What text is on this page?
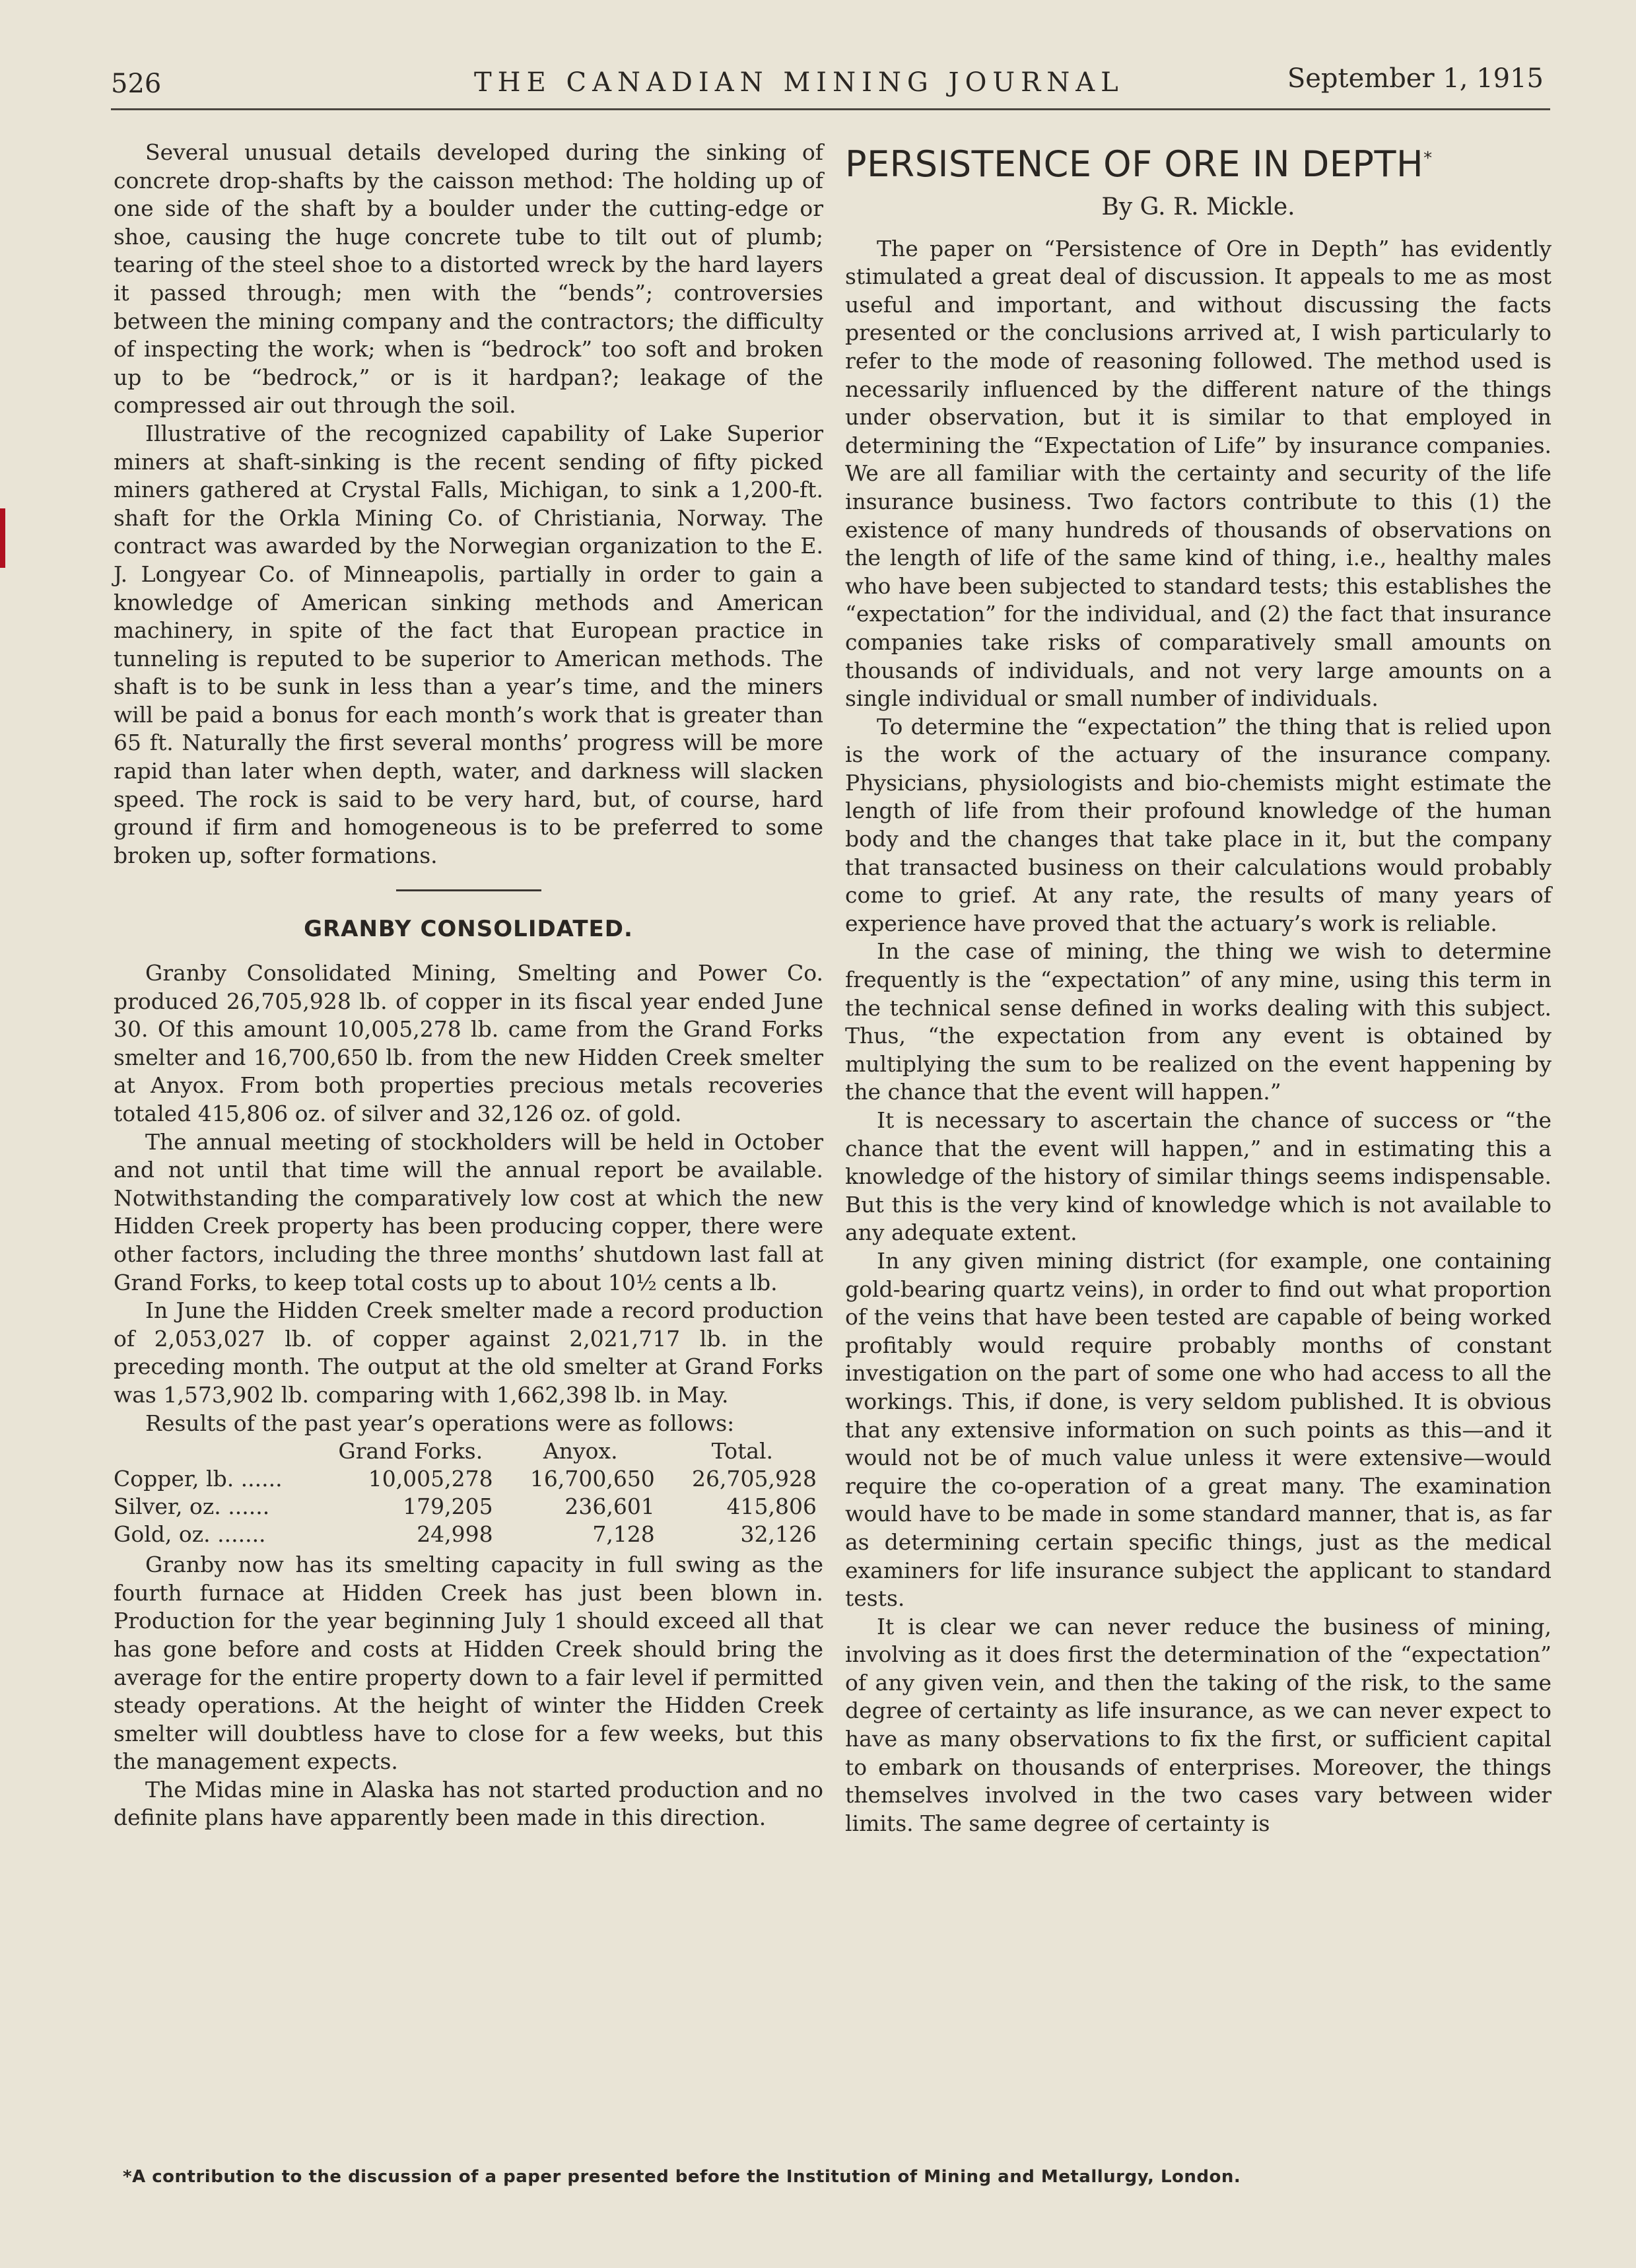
526	THE CANADIAN MINING JOURNAL	September 1, 1915

Several unusual details developed during the sinking of concrete drop-shafts by the caisson method: The holding up of one side of the shaft by a boulder under the cutting-edge or shoe, causing the huge concrete tube to tilt out of plumb; tearing of the steel shoe to a distorted wreck by the hard layers it passed through; men with the “bends”; controversies between the mining company and the contractors; the difficulty of inspecting the work; when is “bedrock” too soft and broken up to be “bedrock,” or is it hardpan?; leakage of the compressed air out through the soil.

Illustrative of the recognized capability of Lake Superior miners at shaft-sinking is the recent sending of fifty picked miners gathered at Crystal Falls, Michigan, to sink a 1,200-ft. shaft for the Orkla Mining Co. of Christiania, Norway. The contract was awarded by the Norwegian organization to the E. J. Longyear Co. of Minneapolis, partially in order to gain a knowledge of American sinking methods and American machinery, in spite of the fact that European practice in tunneling is reputed to be superior to American methods. The shaft is to be sunk in less than a year’s time, and the miners will be paid a bonus for each month’s work that is greater than 65 ft. Naturally the first several months’ progress will be more rapid than later when depth, water, and darkness will slacken speed. The rock is said to be very hard, but, of course, hard ground if firm and homogeneous is to be preferred to some broken up, softer formations.

GRANBY CONSOLIDATED.

Granby Consolidated Mining, Smelting and Power Co. produced 26,705,928 lb. of copper in its fiscal year ended June 30. Of this amount 10,005,278 lb. came from the Grand Forks smelter and 16,700,650 lb. from the new Hidden Creek smelter at Anyox. From both properties precious metals recoveries totaled 415,806 oz. of silver and 32,126 oz. of gold.

The annual meeting of stockholders will be held in October and not until that time will the annual report be available. Notwithstanding the comparatively low cost at which the new Hidden Creek property has been producing copper, there were other factors, including the three months’ shutdown last fall at Grand Forks, to keep total costs up to about 10½ cents a lb.

In June the Hidden Creek smelter made a record production of 2,053,027 lb. of copper against 2,021,717 lb. in the preceding month. The output at the old smelter at Grand Forks was 1,573,902 lb. comparing with 1,662,398 lb. in May.

Results of the past year’s operations were as follows:

	Grand Forks.	Anyox.	Total.
Copper, lb. ......	10,005,278	16,700,650	26,705,928
Silver, oz. ......	179,205	236,601	415,806
Gold, oz. .......	24,998	7,128	32,126

Granby now has its smelting capacity in full swing as the fourth furnace at Hidden Creek has just been blown in. Production for the year beginning July 1 should exceed all that has gone before and costs at Hidden Creek should bring the average for the entire property down to a fair level if permitted steady operations. At the height of winter the Hidden Creek smelter will doubtless have to close for a few weeks, but this the management expects.

The Midas mine in Alaska has not started production and no definite plans have apparently been made in this direction.

PERSISTENCE OF ORE IN DEPTH*
By G. R. Mickle.

The paper on “Persistence of Ore in Depth” has evidently stimulated a great deal of discussion. It appeals to me as most useful and important, and without discussing the facts presented or the conclusions arrived at, I wish particularly to refer to the mode of reasoning followed. The method used is necessarily influenced by the different nature of the things under observation, but it is similar to that employed in determining the “Expectation of Life” by insurance companies. We are all familiar with the certainty and security of the life insurance business. Two factors contribute to this (1) the existence of many hundreds of thousands of observations on the length of life of the same kind of thing, i.e., healthy males who have been subjected to standard tests; this establishes the “expectation” for the individual, and (2) the fact that insurance companies take risks of comparatively small amounts on thousands of individuals, and not very large amounts on a single individual or small number of individuals.

To determine the “expectation” the thing that is relied upon is the work of the actuary of the insurance company. Physicians, physiologists and bio-chemists might estimate the length of life from their profound knowledge of the human body and the changes that take place in it, but the company that transacted business on their calculations would probably come to grief. At any rate, the results of many years of experience have proved that the actuary’s work is reliable.

In the case of mining, the thing we wish to determine frequently is the “expectation” of any mine, using this term in the technical sense defined in works dealing with this subject. Thus, “the expectation from any event is obtained by multiplying the sum to be realized on the event happening by the chance that the event will happen.”

It is necessary to ascertain the chance of success or “the chance that the event will happen,” and in estimating this a knowledge of the history of similar things seems indispensable. But this is the very kind of knowledge which is not available to any adequate extent.

In any given mining district (for example, one containing gold-bearing quartz veins), in order to find out what proportion of the veins that have been tested are capable of being worked profitably would require probably months of constant investigation on the part of some one who had access to all the workings. This, if done, is very seldom published. It is obvious that any extensive information on such points as this—and it would not be of much value unless it were extensive—would require the co-operation of a great many. The examination would have to be made in some standard manner, that is, as far as determining certain specific things, just as the medical examiners for life insurance subject the applicant to standard tests.

It is clear we can never reduce the business of mining, involving as it does first the determination of the “expectation” of any given vein, and then the taking of the risk, to the same degree of certainty as life insurance, as we can never expect to have as many observations to fix the first, or sufficient capital to embark on thousands of enterprises. Moreover, the things themselves involved in the two cases vary between wider limits. The same degree of certainty is

*A contribution to the discussion of a paper presented before the Institution of Mining and Metallurgy, London.
